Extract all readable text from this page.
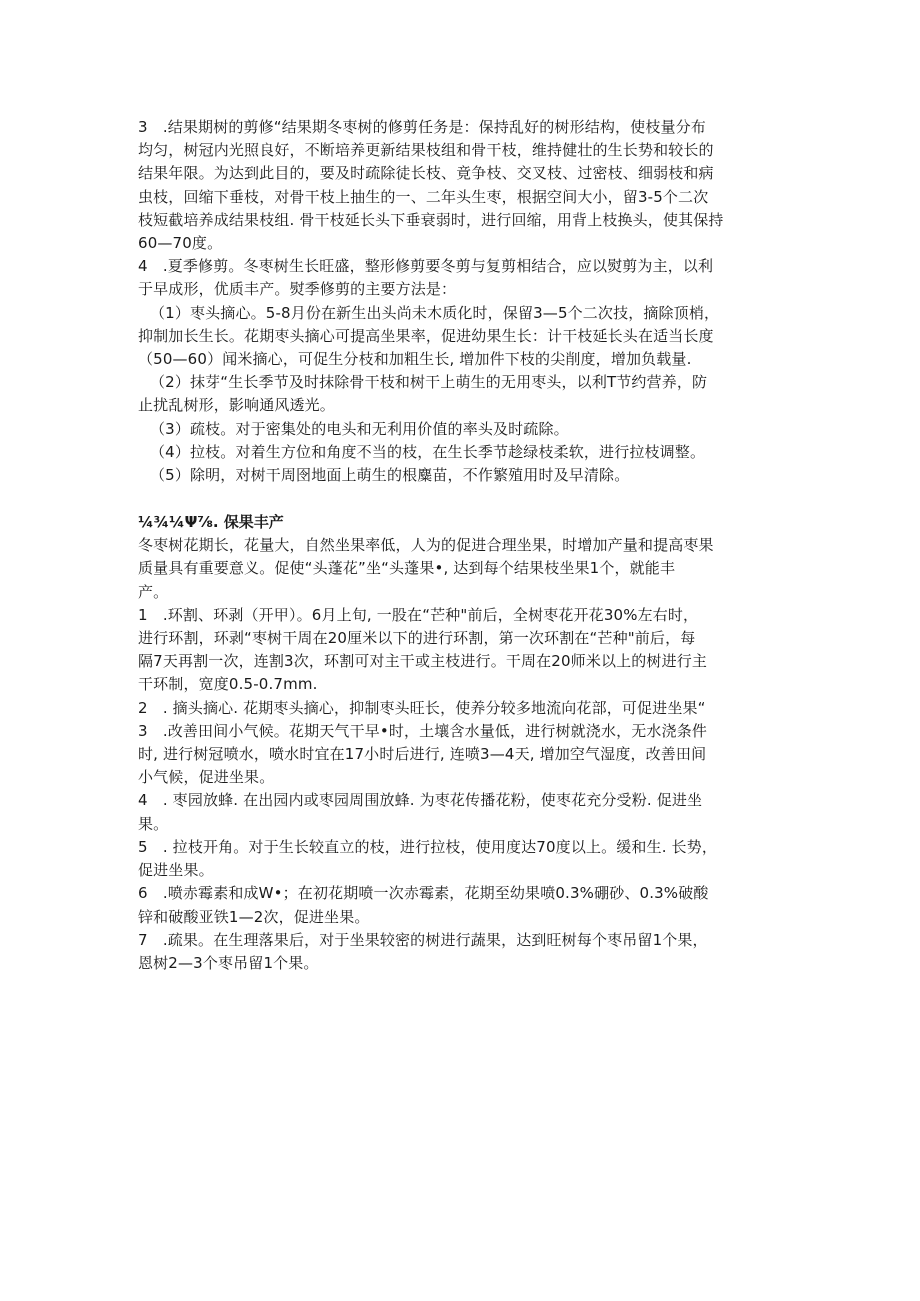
3 .结果期树的剪修“结果期冬枣树的修剪任务是：保持乱好的树形结构，使枝量分布
均匀，树冠内光照良好，不断培养更新结果枝组和骨干枝，维持健壮的生长势和较长的
结果年限。为达到此目的，要及时疏除徒长枝、竟争枝、交叉枝、过密枝、细弱枝和病
虫枝，回缩下垂枝，对骨干枝上抽生的一、二年头生枣，根据空间大小，留3-5个二次
枝短截培养成结果枝组. 骨干枝延长头下垂衰弱时，进行回缩，用背上枝换头，使其保持
60—70度。
4 .夏季修剪。冬枣树生长旺盛，整形修剪要冬剪与复剪相结合，应以熨剪为主，以利
于早成形，优质丰产。熨季修剪的主要方法是：
（1）枣头摘心。5-8月份在新生出头尚未木质化时，保留3—5个二次技，摘除顶梢，
抑制加长生长。花期枣头摘心可提高坐果率，促进幼果生长：计干枝延长头在适当长度
（50—60）闻米摘心，可促生分枝和加粗生长, 增加件下枝的尖削度，增加负载量.
（2）抹芽“生长季节及时抹除骨干枝和树干上萌生的无用枣头，以利T节约营养，防
止扰乱树形，影响通风透光。
（3）疏枝。对于密集处的电头和无利用价值的率头及时疏除。
（4）拉枝。对着生方位和角度不当的枝，在生长季节趁绿枝柔软，进行拉枝调整。
（5）除明，对树干周囹地面上萌生的根麋苗，不作繁殖用时及早清除。
¼¾¼Ψ⅞. 保果丰产
冬枣树花期长，花量大，自然坐果率低，人为的促进合理坐果，时增加产量和提高枣果
质量具有重要意义。促使“头蓬花”坐“头蓬果•, 达到每个结果枝坐果1个，就能丰
产。
1 .环割、环剥（开甲）。6月上旬, 一股在“芒种"前后，全树枣花开花30%左右时，
进行环割，环剥“枣树干周在20厘米以下的进行环割，第一次环割在“芒种"前后，每
隔7天再割一次，连割3次，环割可对主干或主枝进行。干周在20师米以上的树进行主
干环制，宽度0.5-0.7mm.
2 . 摘头摘心. 花期枣头摘心，抑制枣头旺长，使养分较多地流向花部，可促进坐果“
3 .改善田间小气候。花期天气干早•时，土壤含水量低，进行树就浇水，无水浇条件
时, 进行树冠喷水，喷水时宜在17小时后进行, 连喷3—4天, 增加空气湿度，改善田间
小气候，促进坐果。
4 . 枣园放蜂. 在出园内或枣园周围放蜂. 为枣花传播花粉，使枣花充分受粉. 促进坐
果。
5 . 拉枝开角。对于生长较直立的枝，进行拉枝，使用度达70度以上。缓和生. 长势，
促进坐果。
6 .喷赤霉素和成W•；在初花期喷一次赤霉素，花期至幼果喷0.3%硼砂、0.3%破酸
锌和破酸亚铁1—2次，促进坐果。
7 .疏果。在生理落果后，对于坐果较密的树进行蔬果，达到旺树每个枣吊留1个果，
恩树2—3个枣吊留1个果。
